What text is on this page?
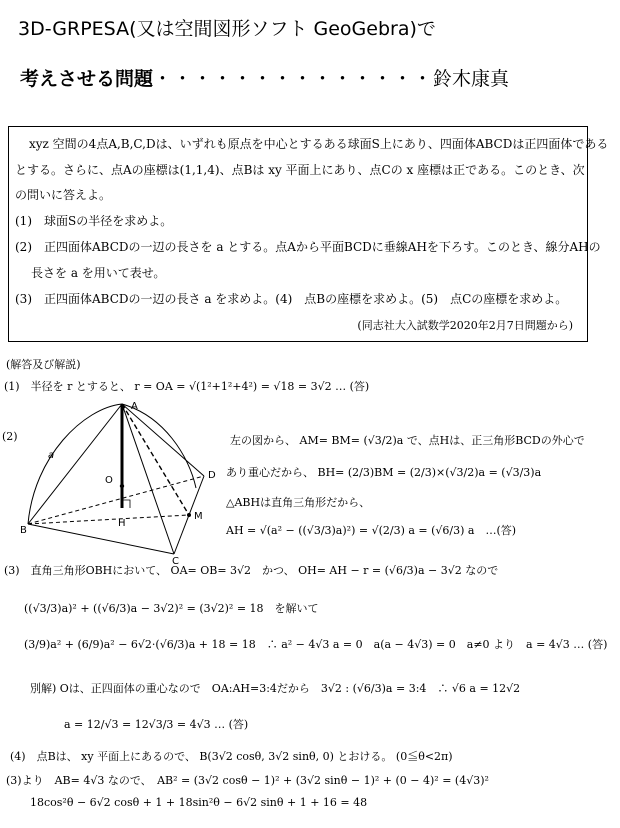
3D-GRPESA(又は空間図形ソフト GeoGebra)で
考えさせる問題・・・・・・・・・・・・・・鈴木康真
xyz 空間の4点A,B,C,Dは、いずれも原点を中心とするある球面S上にあり、四面体ABCDは正四面体である
とする。さらに、点Aの座標は(1,1,4)、点Bは xy 平面上にあり、点Cの x 座標は正である。このとき、次
の問いに答えよ。
(1)　球面Sの半径を求めよ。
(2)　正四面体ABCDの一辺の長さを a とする。点Aから平面BCDに垂線AHを下ろす。このとき、線分AHの
長さを a を用いて表せ。
(3)　正四面体ABCDの一辺の長さ a を求めよ。(4)　点Bの座標を求めよ。(5)　点Cの座標を求めよ。
(同志社大入試数学2020年2月7日問題から)
(解答及び解説)
(1)　半径を r とすると、 r = OA = √(1²+1²+4²) = √18 = 3√2 … (答)
(2)
A
B
C
D
O
H
M
a
左の図から、 AM= BM= (√3/2)a で、点Hは、正三角形BCDの外心で
あり重心だから、 BH= (2/3)BM = (2/3)×(√3/2)a = (√3/3)a
△ABHは直角三角形だから、
AH = √(a² − ((√3/3)a)²) = √(2/3) a = (√6/3) a　…(答)
(3)　直角三角形OBHにおいて、 OA= OB= 3√2　かつ、 OH= AH − r = (√6/3)a − 3√2 なので
((√3/3)a)² + ((√6/3)a − 3√2)² = (3√2)² = 18　を解いて
(3/9)a² + (6/9)a² − 6√2·(√6/3)a + 18 = 18　∴ a² − 4√3 a = 0　a(a − 4√3) = 0　a≠0 より　a = 4√3 … (答)
別解) Oは、正四面体の重心なので　OA:AH=3:4だから　3√2 : (√6/3)a = 3:4　∴ √6 a = 12√2
a = 12/√3 = 12√3/3 = 4√3 … (答)
(4)　点Bは、 xy 平面上にあるので、 B(3√2 cosθ, 3√2 sinθ, 0) とおける。 (0≦θ<2π)
(3)より　AB= 4√3 なので、　AB² = (3√2 cosθ − 1)² + (3√2 sinθ − 1)² + (0 − 4)² = (4√3)²
18cos²θ − 6√2 cosθ + 1 + 18sin²θ − 6√2 sinθ + 1 + 16 = 48
